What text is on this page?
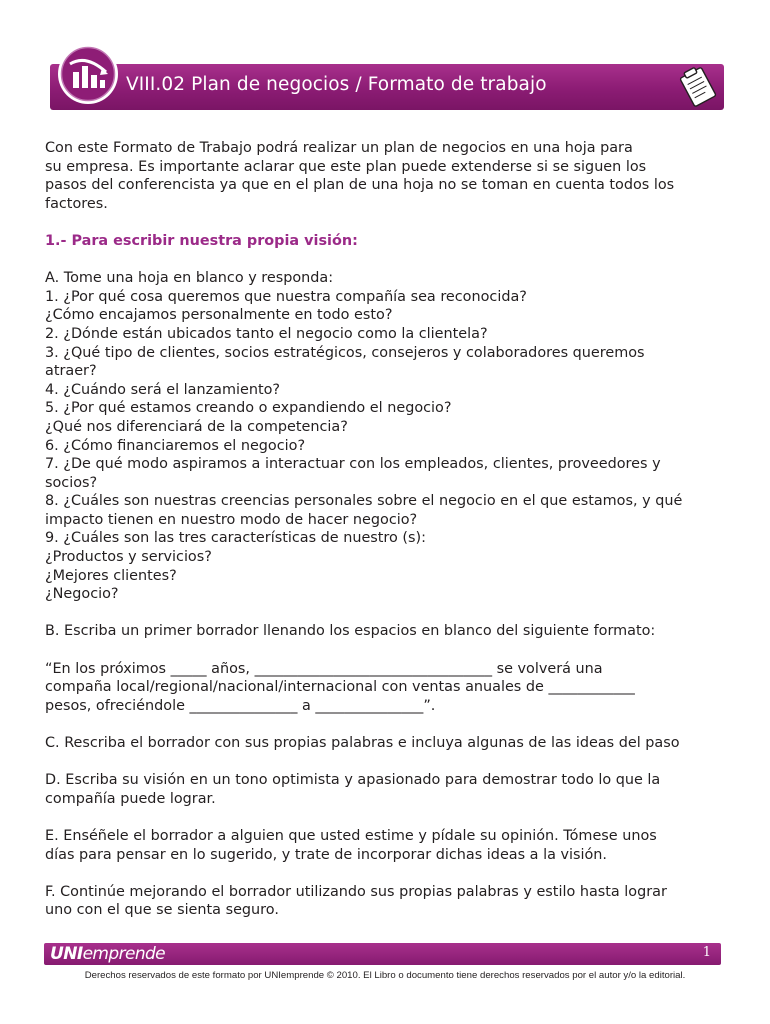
VIII.02 Plan de negocios / Formato de trabajo

Con este Formato de Trabajo podrá realizar un plan de negocios en una hoja para

su empresa. Es importante aclarar que este plan puede extenderse si se siguen los

pasos del conferencista ya que en el plan de una hoja no se toman en cuenta todos los

factores.

1.- Para escribir nuestra propia visión:

A. Tome una hoja en blanco y responda:

1. ¿Por qué cosa queremos que nuestra compañía sea reconocida?

¿Cómo encajamos personalmente en todo esto?

2. ¿Dónde están ubicados tanto el negocio como la clientela?

3. ¿Qué tipo de clientes, socios estratégicos, consejeros y colaboradores queremos

atraer?

4. ¿Cuándo será el lanzamiento?

5. ¿Por qué estamos creando o expandiendo el negocio?

¿Qué nos diferenciará de la competencia?

6. ¿Cómo financiaremos el negocio?

7. ¿De qué modo aspiramos a interactuar con los empleados, clientes, proveedores y

socios?

8. ¿Cuáles son nuestras creencias personales sobre el negocio en el que estamos, y qué

impacto tienen en nuestro modo de hacer negocio?

9. ¿Cuáles son las tres características de nuestro (s):

¿Productos y servicios?

¿Mejores clientes?

¿Negocio?

B. Escriba un primer borrador llenando los espacios en blanco del siguiente formato:

“En los próximos _____ años, _________________________________ se volverá una

compaña local/regional/nacional/internacional con ventas anuales de ____________

pesos, ofreciéndole _______________ a _______________”.

C. Rescriba el borrador con sus propias palabras e incluya algunas de las ideas del paso

D. Escriba su visión en un tono optimista y apasionado para demostrar todo lo que la

compañía puede lograr.

E. Enséñele el borrador a alguien que usted estime y pídale su opinión. Tómese unos

días para pensar en lo sugerido, y trate de incorporar dichas ideas a la visión.

F. Continúe mejorando el borrador utilizando sus propias palabras y estilo hasta lograr

uno con el que se sienta seguro.

UNIemprende	1
Derechos reservados de este formato por UNIemprende © 2010. El Libro o documento tiene derechos reservados por el autor y/o la editorial.
